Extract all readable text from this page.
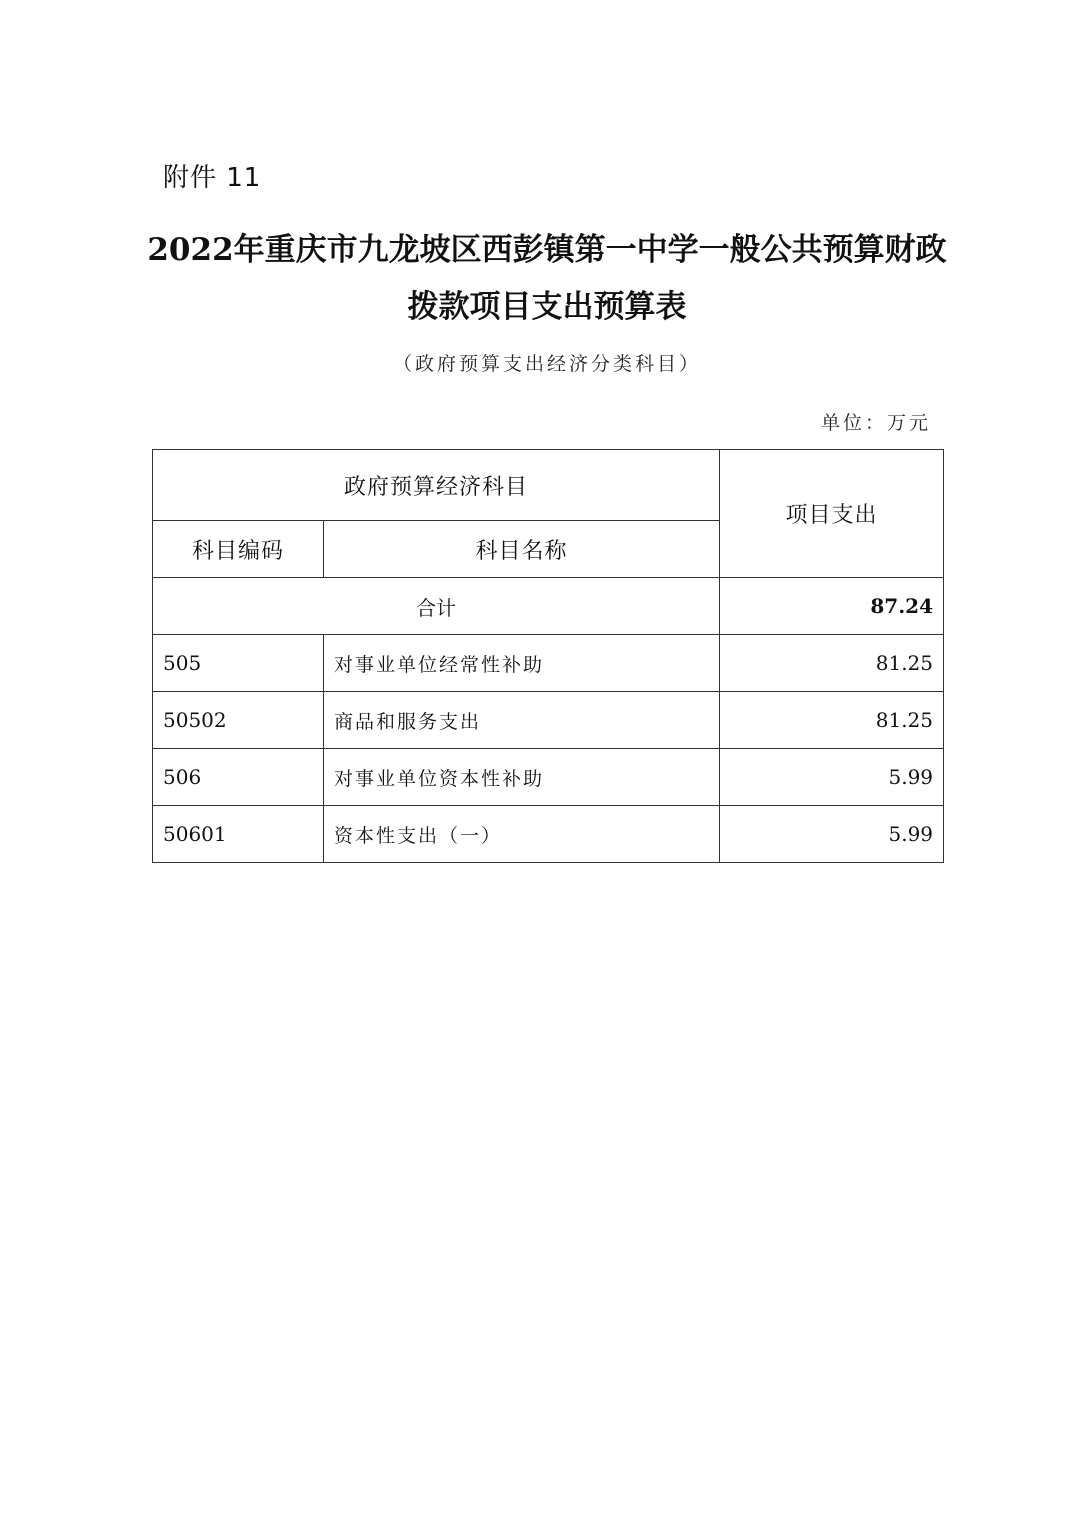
附件 11
2022年重庆市九龙坡区西彭镇第一中学一般公共预算财政
拨款项目支出预算表
（政府预算支出经济分类科目）
单位：万元
政府预算经济科目		项目支出
科目编码	科目名称	
合计		87.24
505	对事业单位经常性补助	81.25
50502	商品和服务支出	81.25
506	对事业单位资本性补助	5.99
50601	资本性支出（一）	5.99
